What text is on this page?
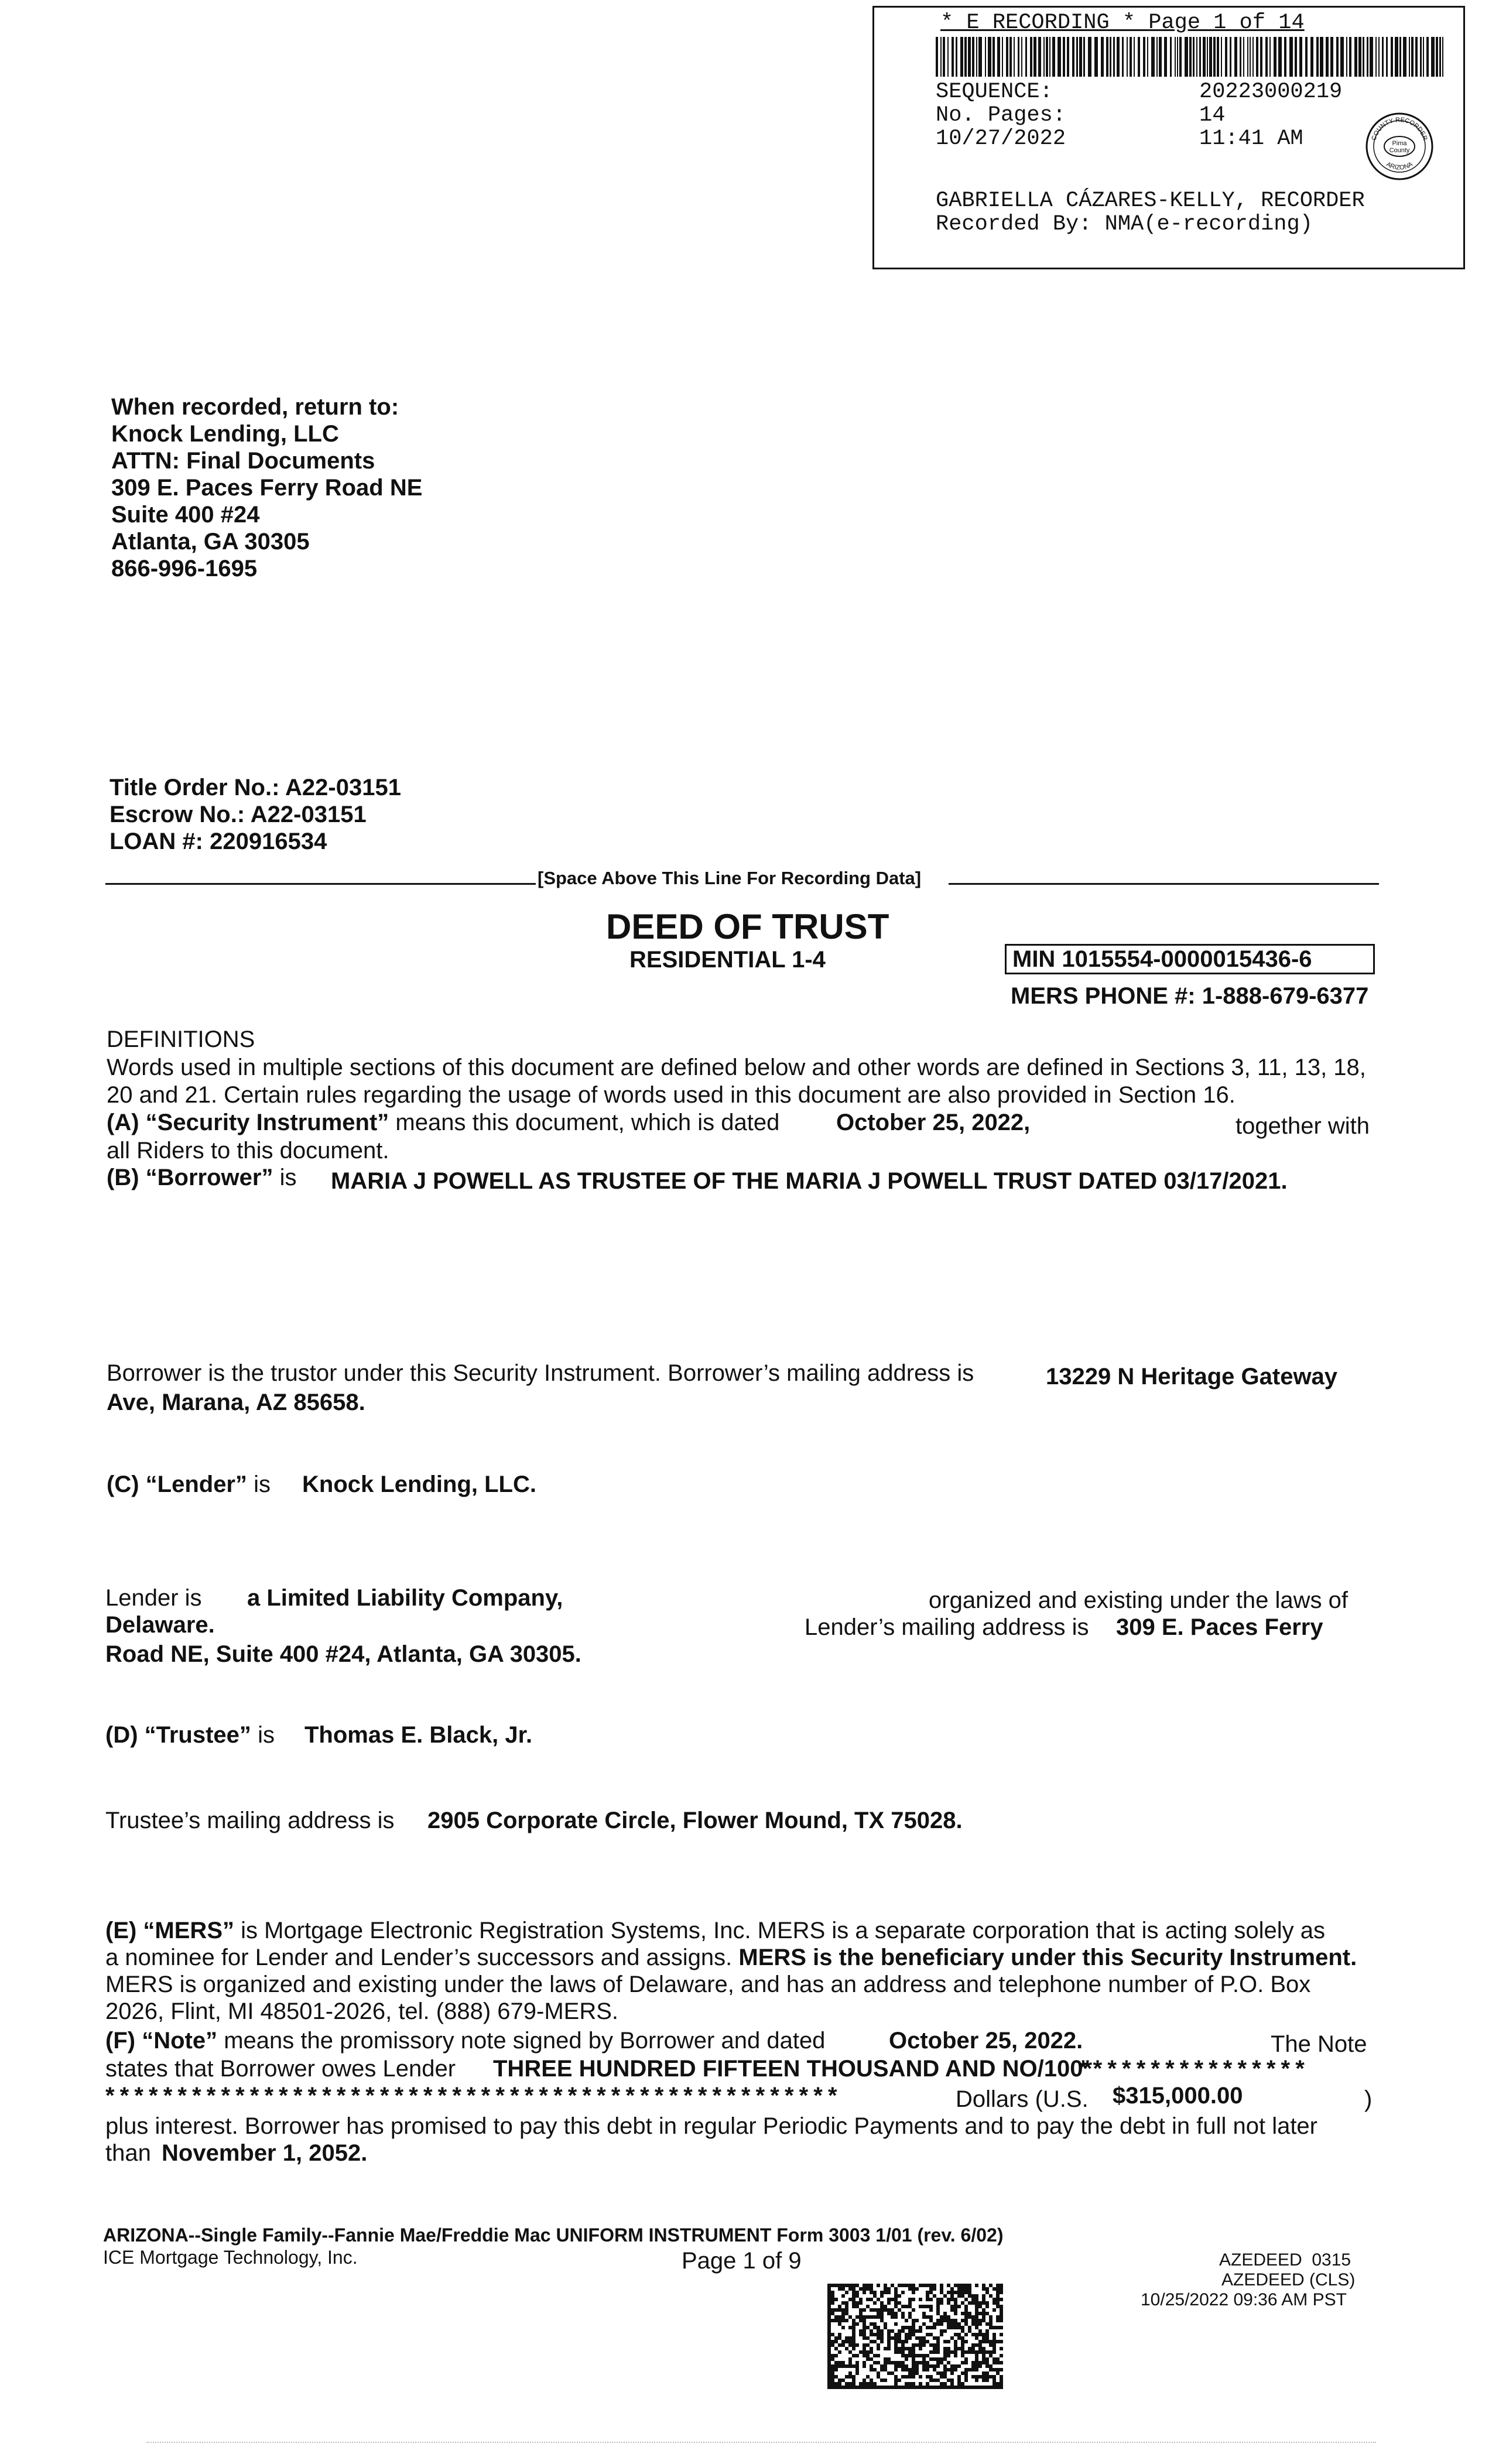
* E RECORDING * Page 1 of 14
SEQUENCE:	20223000219
No. Pages:	14
10/27/2022	11:41 AM
GABRIELLA CÁZARES-KELLY, RECORDER
Recorded By: NMA(e-recording)
COUNTY RECORDER
ARIZONA
Pima
County
When recorded, return to:
Knock Lending, LLC
ATTN: Final Documents
309 E. Paces Ferry Road NE
Suite 400 #24
Atlanta, GA 30305
866-996-1695
Title Order No.: A22-03151
Escrow No.: A22-03151
LOAN #: 220916534
[Space Above This Line For Recording Data]
DEED OF TRUST
RESIDENTIAL 1-4	MIN 1015554-0000015436-6
MERS PHONE #: 1-888-679-6377
DEFINITIONS
Words used in multiple sections of this document are defined below and other words are defined in Sections 3, 11, 13, 18, 20 and 21. Certain rules regarding the usage of words used in this document are also provided in Section 16.
(A) “Security Instrument” means this document, which is dated October 25, 2022,	together with
all Riders to this document.
(B) “Borrower” is MARIA J POWELL AS TRUSTEE OF THE MARIA J POWELL TRUST DATED 03/17/2021.
Borrower is the trustor under this Security Instrument. Borrower’s mailing address is	13229 N Heritage Gateway
Ave, Marana, AZ 85658.
(C) “Lender” is Knock Lending, LLC.
Lender is a Limited Liability Company,	organized and existing under the laws of
Delaware.	Lender’s mailing address is 309 E. Paces Ferry
Road NE, Suite 400 #24, Atlanta, GA 30305.
(D) “Trustee” is Thomas E. Black, Jr.
Trustee’s mailing address is 2905 Corporate Circle, Flower Mound, TX 75028.
(E) “MERS” is Mortgage Electronic Registration Systems, Inc. MERS is a separate corporation that is acting solely as
a nominee for Lender and Lender’s successors and assigns. MERS is the beneficiary under this Security Instrument.
MERS is organized and existing under the laws of Delaware, and has an address and telephone number of P.O. Box
2026, Flint, MI 48501-2026, tel. (888) 679-MERS.
(F) “Note” means the promissory note signed by Borrower and dated	October 25, 2022.	The Note
states that Borrower owes Lender THREE HUNDRED FIFTEEN THOUSAND AND NO/100*
* * * * * * * * * * * * * * * *
* * * * * * * * * * * * * * * * * * * * * * * * * * * * * * * * * * * * * * * * * * * * * * * * * * *	Dollars (U.S. $315,000.00	)
plus interest. Borrower has promised to pay this debt in regular Periodic Payments and to pay the debt in full not later
than November 1, 2052.
ARIZONA--Single Family--Fannie Mae/Freddie Mac UNIFORM INSTRUMENT Form 3003 1/01 (rev. 6/02)
ICE Mortgage Technology, Inc.	Page 1 of 9	AZEDEED  0315
AZEDEED (CLS)
10/25/2022 09:36 AM PST
